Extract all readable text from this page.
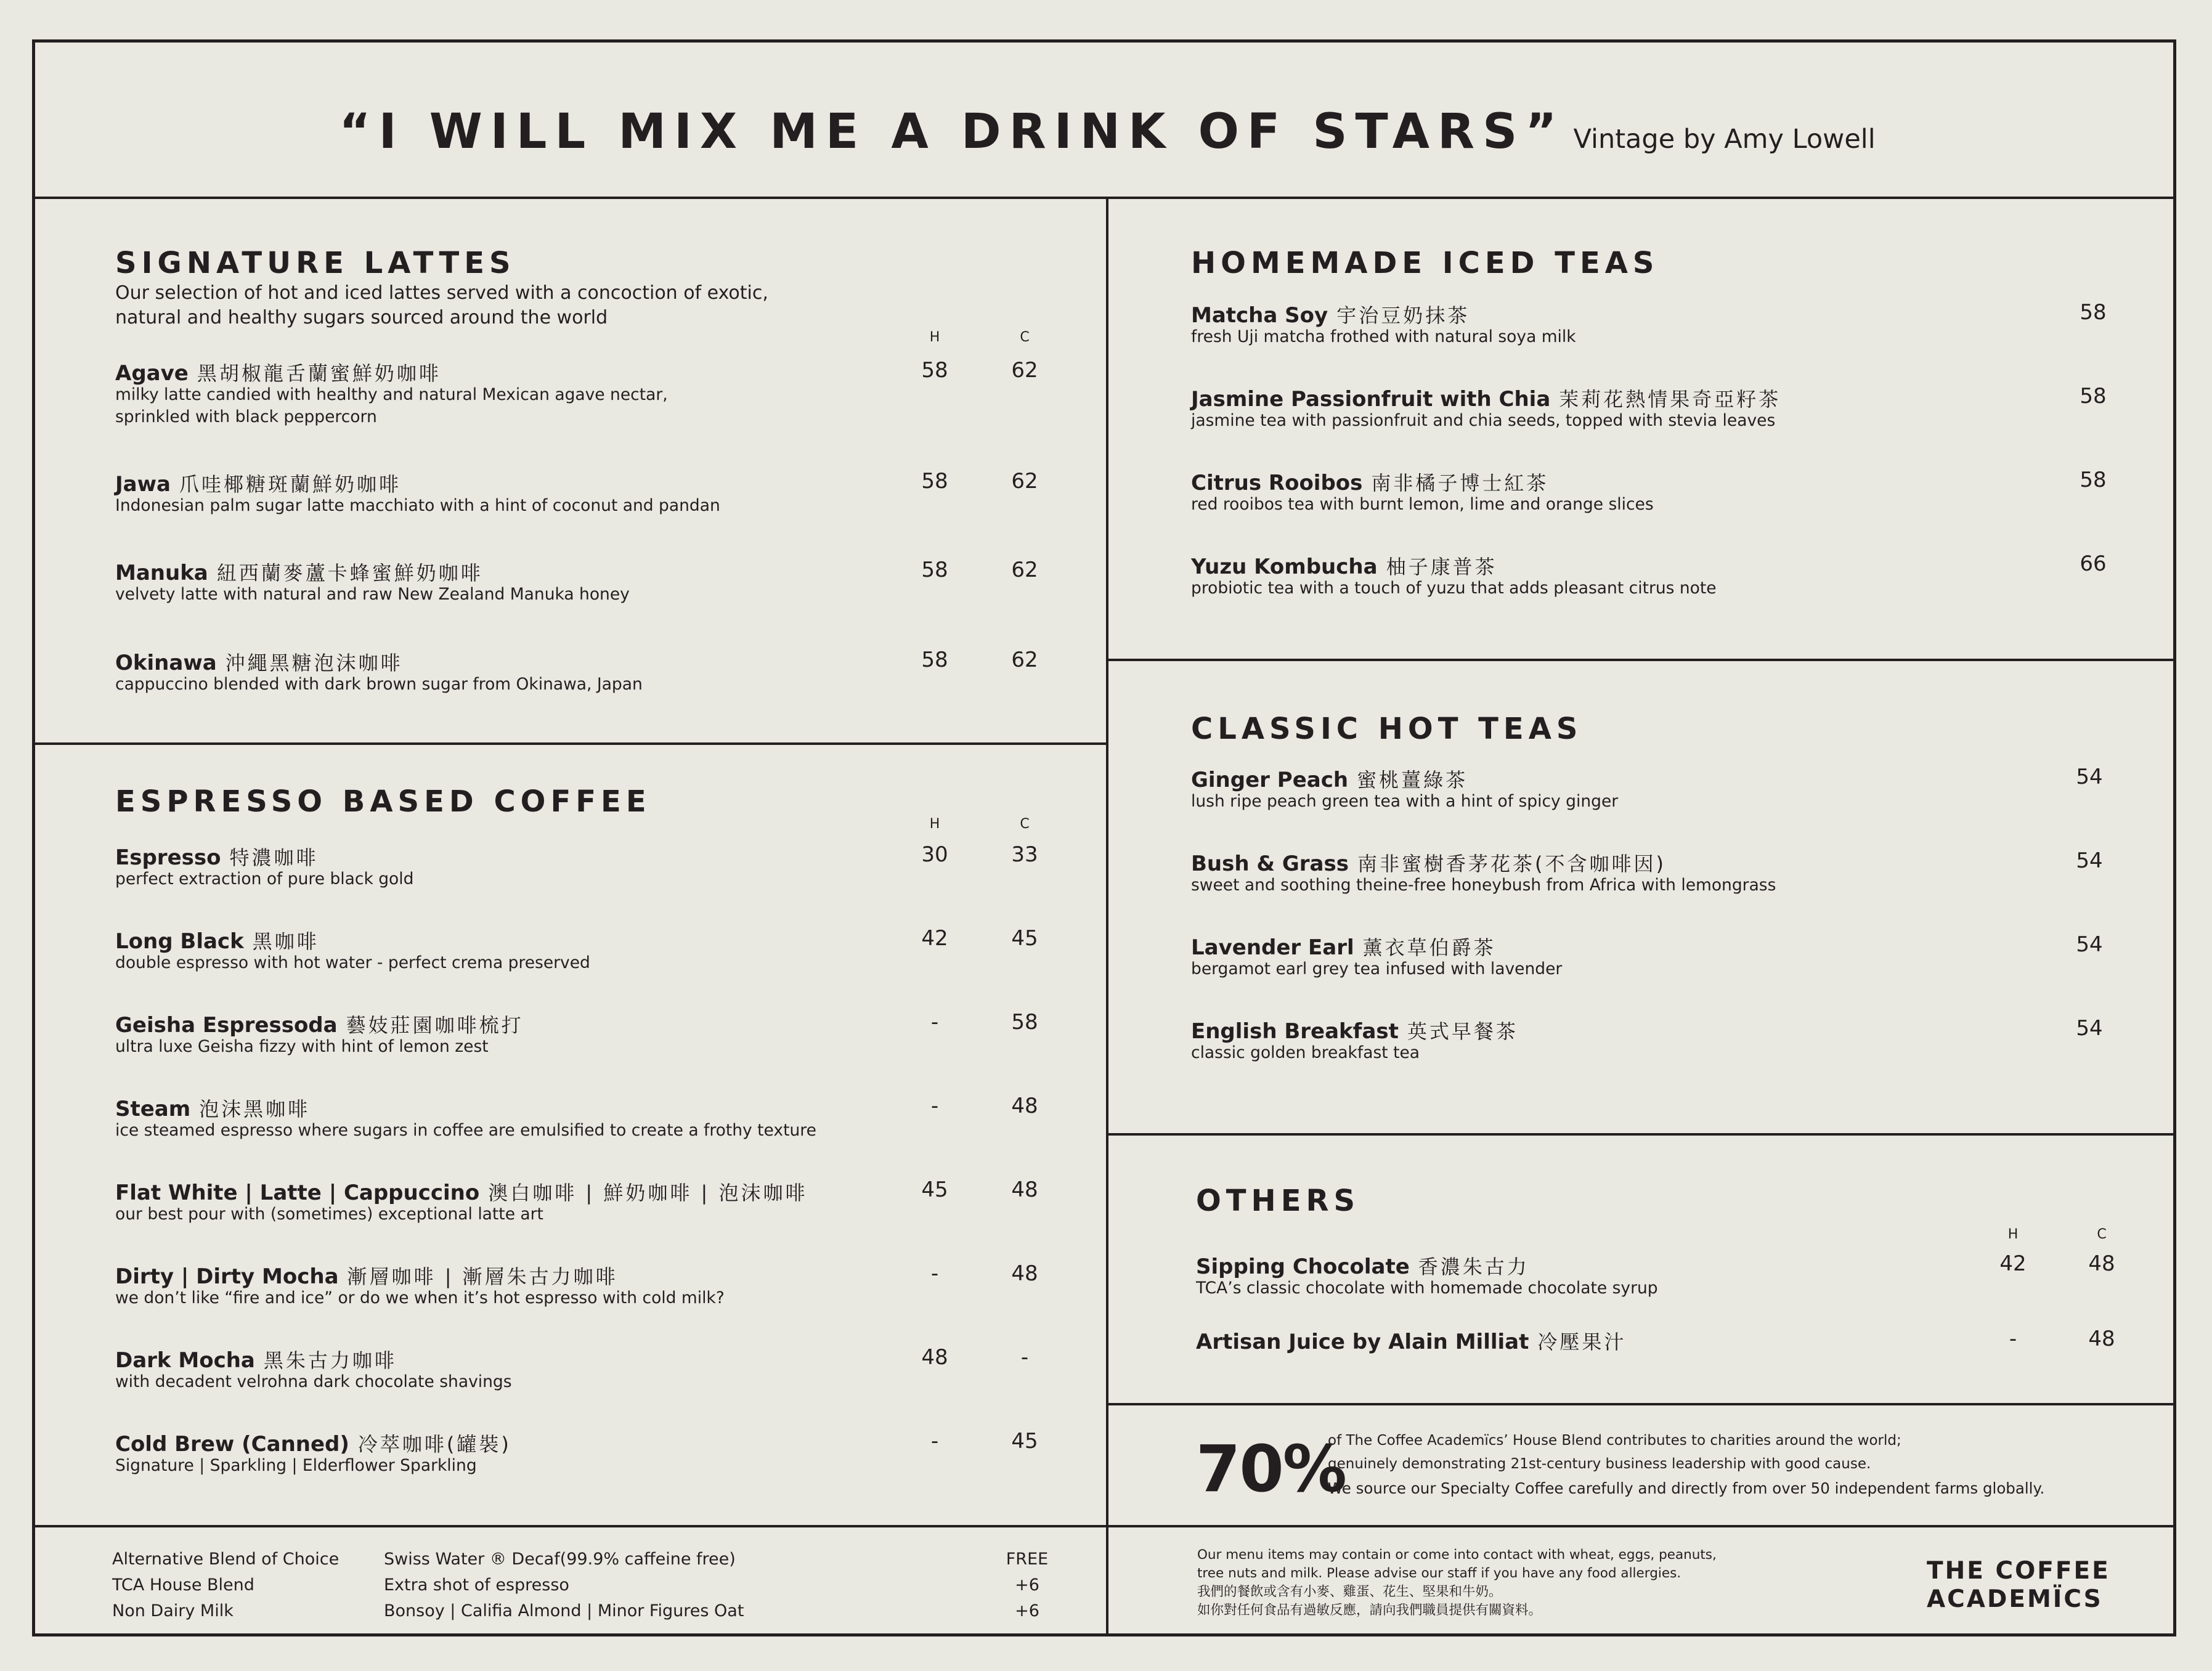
“I WILL MIX ME A DRINK OF STARS” Vintage by Amy Lowell
SIGNATURE LATTES
Our selection of hot and iced lattes served with a concoction of exotic,
natural and healthy sugars sourced around the world
H	C
Agave 黑胡椒龍舌蘭蜜鮮奶咖啡
milky latte candied with healthy and natural Mexican agave nectar,
sprinkled with black peppercorn
58	62
Jawa 爪哇椰糖斑蘭鮮奶咖啡
Indonesian palm sugar latte macchiato with a hint of coconut and pandan
58	62
Manuka 紐西蘭麥蘆卡蜂蜜鮮奶咖啡
velvety latte with natural and raw New Zealand Manuka honey
58	62
Okinawa 沖繩黑糖泡沫咖啡
cappuccino blended with dark brown sugar from Okinawa, Japan
58	62
ESPRESSO BASED COFFEE
H	C
Espresso 特濃咖啡
perfect extraction of pure black gold
30	33
Long Black 黑咖啡
double espresso with hot water - perfect crema preserved
42	45
Geisha Espressoda 藝妓莊園咖啡梳打
ultra luxe Geisha fizzy with hint of lemon zest
-	58
Steam 泡沫黑咖啡
ice steamed espresso where sugars in coffee are emulsified to create a frothy texture
-	48
Flat White | Latte | Cappuccino 澳白咖啡 | 鮮奶咖啡 | 泡沫咖啡
our best pour with (sometimes) exceptional latte art
45	48
Dirty | Dirty Mocha 漸層咖啡 | 漸層朱古力咖啡
we don’t like “fire and ice” or do we when it’s hot espresso with cold milk?
-	48
Dark Mocha 黑朱古力咖啡
with decadent velrohna dark chocolate shavings
48	-
Cold Brew (Canned) 冷萃咖啡(罐裝)
Signature | Sparkling | Elderflower Sparkling
-	45
Alternative Blend of Choice	Swiss Water ® Decaf(99.9% caffeine free)	FREE
TCA House Blend	Extra shot of espresso	+6
Non Dairy Milk	Bonsoy | Califia Almond | Minor Figures Oat	+6
HOMEMADE ICED TEAS
Matcha Soy 宇治豆奶抹茶
fresh Uji matcha frothed with natural soya milk
58
Jasmine Passionfruit with Chia 茉莉花熱情果奇亞籽茶
jasmine tea with passionfruit and chia seeds, topped with stevia leaves
58
Citrus Rooibos 南非橘子博士紅茶
red rooibos tea with burnt lemon, lime and orange slices
58
Yuzu Kombucha 柚子康普茶
probiotic tea with a touch of yuzu that adds pleasant citrus note
66
CLASSIC HOT TEAS
Ginger Peach 蜜桃薑綠茶
lush ripe peach green tea with a hint of spicy ginger
54
Bush & Grass 南非蜜樹香茅花茶(不含咖啡因)
sweet and soothing theine-free honeybush from Africa with lemongrass
54
Lavender Earl 薰衣草伯爵茶
bergamot earl grey tea infused with lavender
54
English Breakfast 英式早餐茶
classic golden breakfast tea
54
OTHERS
H	C
Sipping Chocolate 香濃朱古力
TCA’s classic chocolate with homemade chocolate syrup
42	48
Artisan Juice by Alain Milliat 冷壓果汁	-	48
70%
of The Coffee Academïcs’ House Blend contributes to charities around the world;
genuinely demonstrating 21st-century business leadership with good cause.
We source our Specialty Coffee carefully and directly from over 50 independent farms globally.
Our menu items may contain or come into contact with wheat, eggs, peanuts,
tree nuts and milk. Please advise our staff if you have any food allergies.
我們的餐飲或含有小麥、雞蛋、花生、堅果和牛奶。
如你對任何食品有過敏反應，請向我們職員提供有關資料。
THE COFFEE
ACADEMÏCS
